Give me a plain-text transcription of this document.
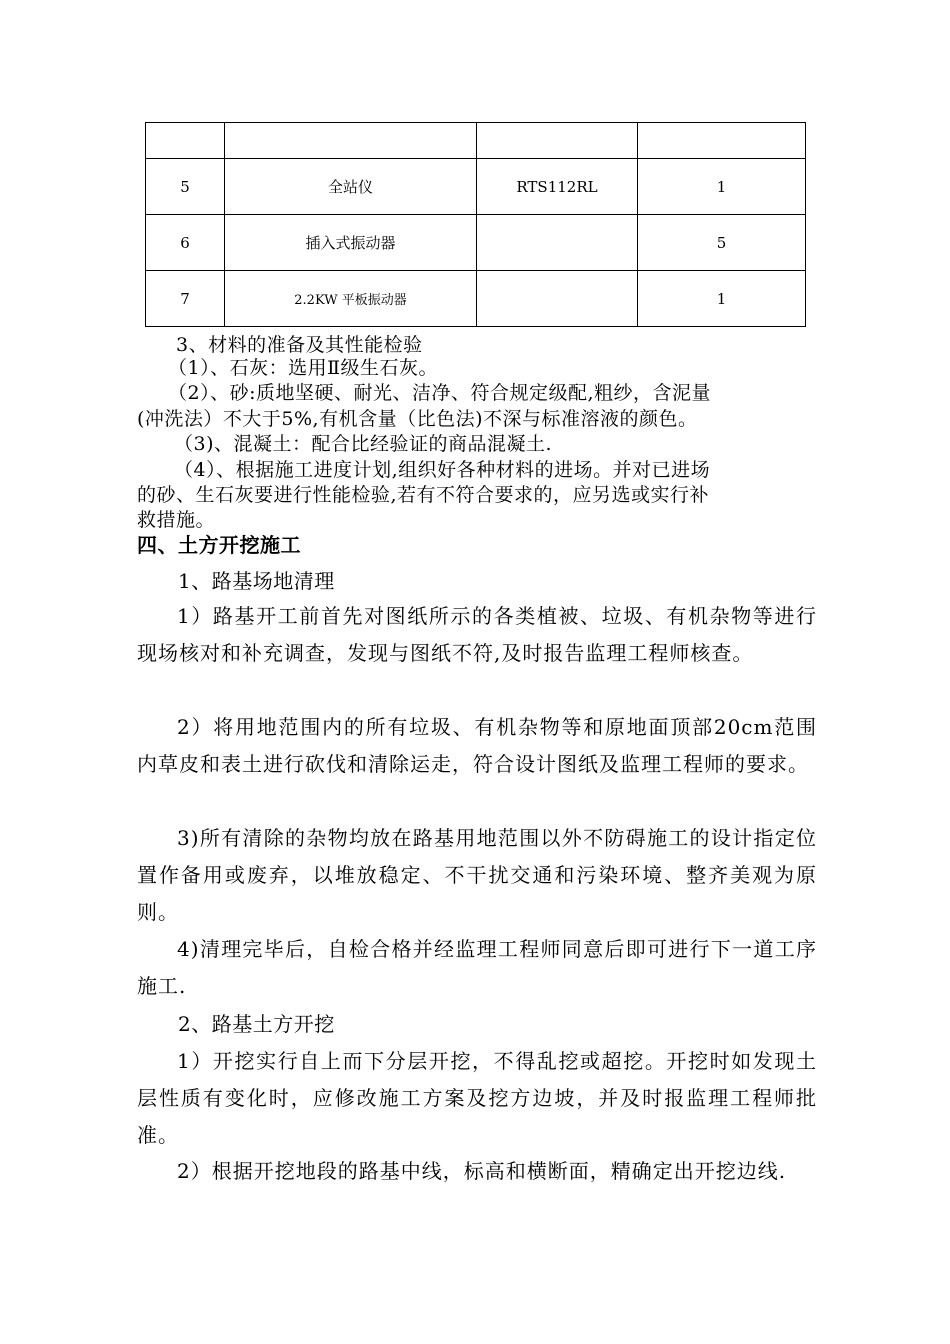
5	全站仪	RTS112RL	1
6	插入式振动器		5
7	2.2KW 平板振动器		1
3、材料的准备及其性能检验
（1）、石灰：选用Ⅱ级生石灰。
（2）、砂:质地坚硬、耐光、洁净、符合规定级配,粗纱，含泥量
(冲洗法）不大于5%,有机含量（比色法)不深与标准溶液的颜色。
（3)、混凝土：配合比经验证的商品混凝土.
（4）、根据施工进度计划,组织好各种材料的进场。并对已进场
的砂、生石灰要进行性能检验,若有不符合要求的，应另选或实行补
救措施。
四、土方开挖施工
1、路基场地清理
1）路基开工前首先对图纸所示的各类植被、垃圾、有机杂物等进行现场核对和补充调查，发现与图纸不符,及时报告监理工程师核查。
2）将用地范围内的所有垃圾、有机杂物等和原地面顶部20cm范围内草皮和表土进行砍伐和清除运走，符合设计图纸及监理工程师的要求。
3)所有清除的杂物均放在路基用地范围以外不防碍施工的设计指定位置作备用或废弃，以堆放稳定、不干扰交通和污染环境、整齐美观为原则。
4)清理完毕后，自检合格并经监理工程师同意后即可进行下一道工序施工.
2、路基土方开挖
1）开挖实行自上而下分层开挖，不得乱挖或超挖。开挖时如发现土层性质有变化时，应修改施工方案及挖方边坡，并及时报监理工程师批准。
2）根据开挖地段的路基中线，标高和横断面，精确定出开挖边线.
